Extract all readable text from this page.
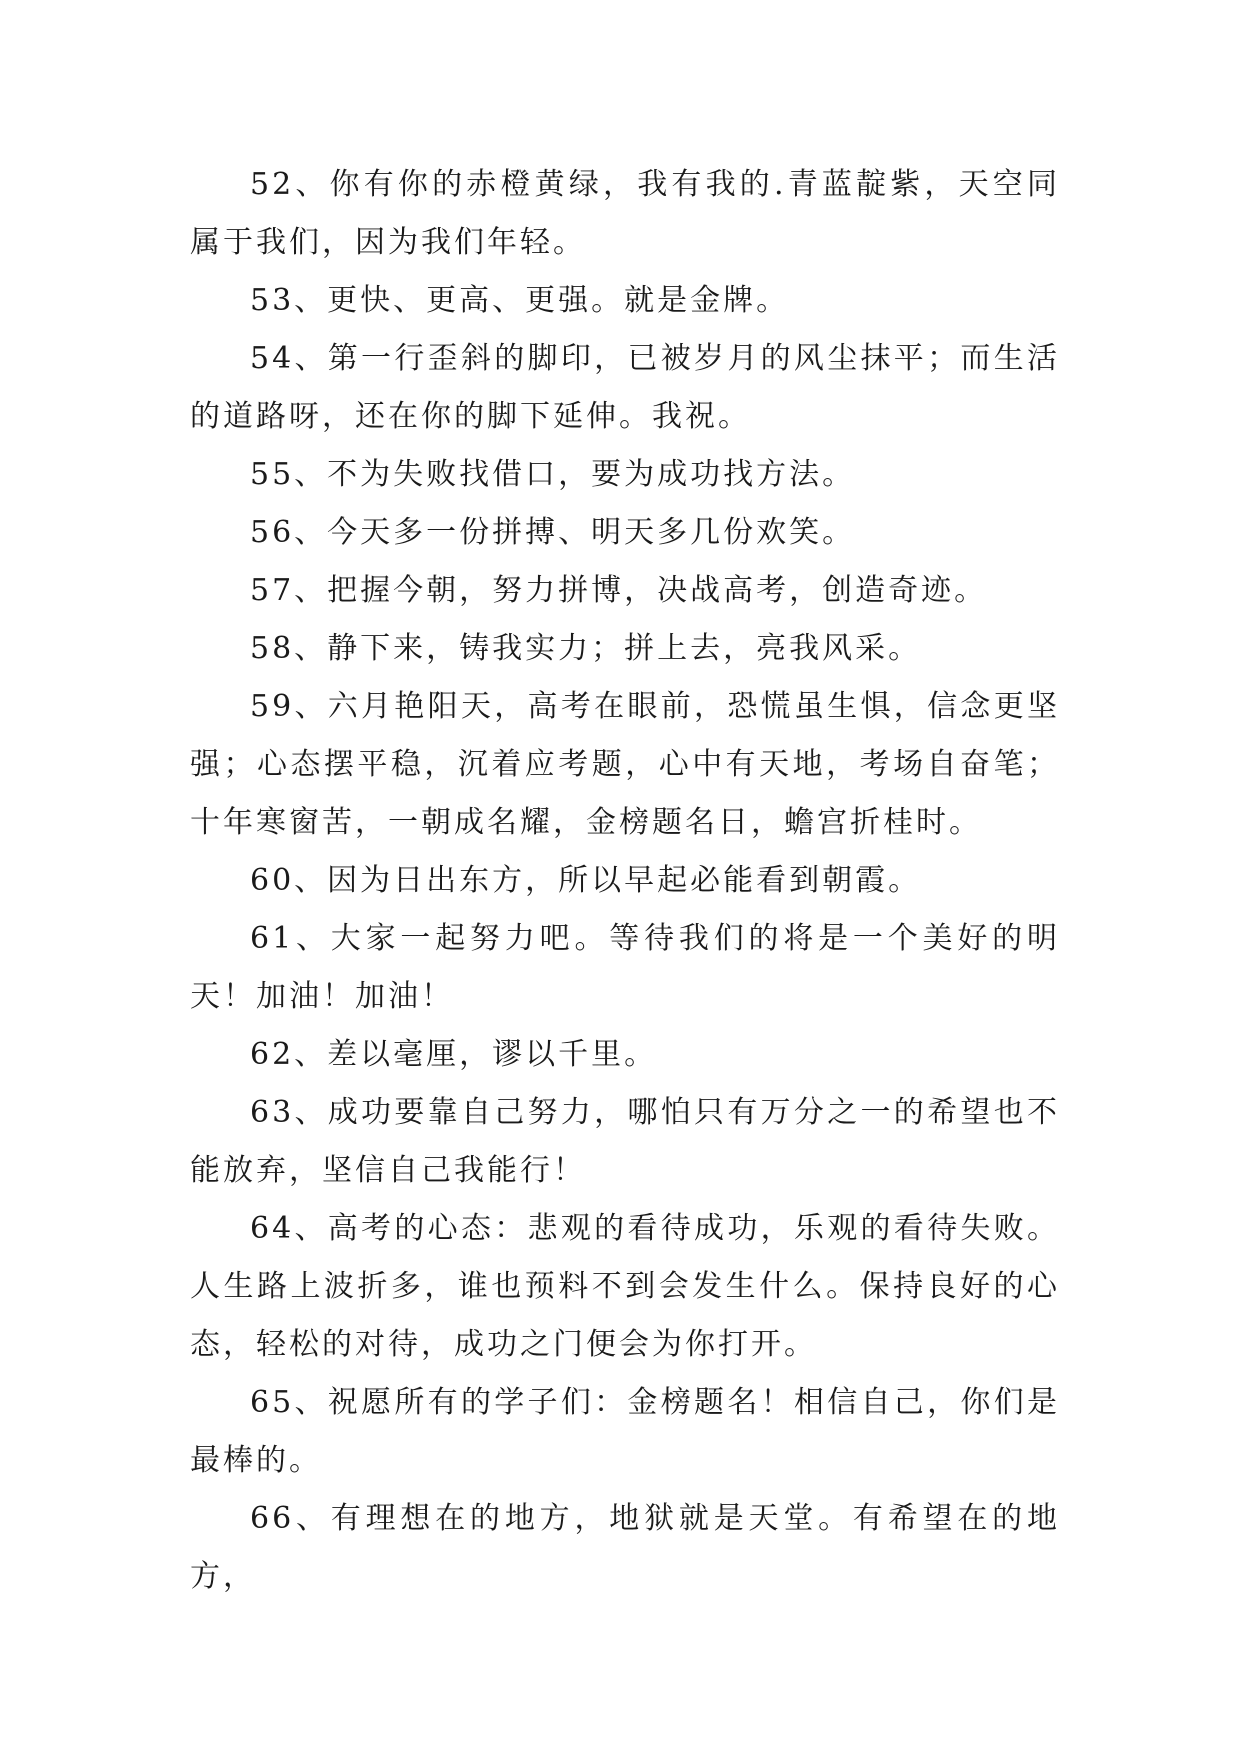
52、你有你的赤橙黄绿，我有我的.青蓝靛紫，天空同属于我们，因为我们年轻。

53、更快、更高、更强。就是金牌。

54、第一行歪斜的脚印，已被岁月的风尘抹平；而生活的道路呀，还在你的脚下延伸。我祝。

55、不为失败找借口，要为成功找方法。

56、今天多一份拼搏、明天多几份欢笑。

57、把握今朝，努力拼博，决战高考，创造奇迹。

58、静下来，铸我实力；拼上去，亮我风采。

59、六月艳阳天，高考在眼前，恐慌虽生惧，信念更坚强；心态摆平稳，沉着应考题，心中有天地，考场自奋笔；十年寒窗苦，一朝成名耀，金榜题名日，蟾宫折桂时。

60、因为日出东方，所以早起必能看到朝霞。

61、大家一起努力吧。等待我们的将是一个美好的明天！加油！加油！

62、差以毫厘，谬以千里。

63、成功要靠自己努力，哪怕只有万分之一的希望也不能放弃，坚信自己我能行！

64、高考的心态：悲观的看待成功，乐观的看待失败。人生路上波折多，谁也预料不到会发生什么。保持良好的心态，轻松的对待，成功之门便会为你打开。

65、祝愿所有的学子们：金榜题名！相信自己，你们是最棒的。

66、有理想在的地方，地狱就是天堂。有希望在的地方，
